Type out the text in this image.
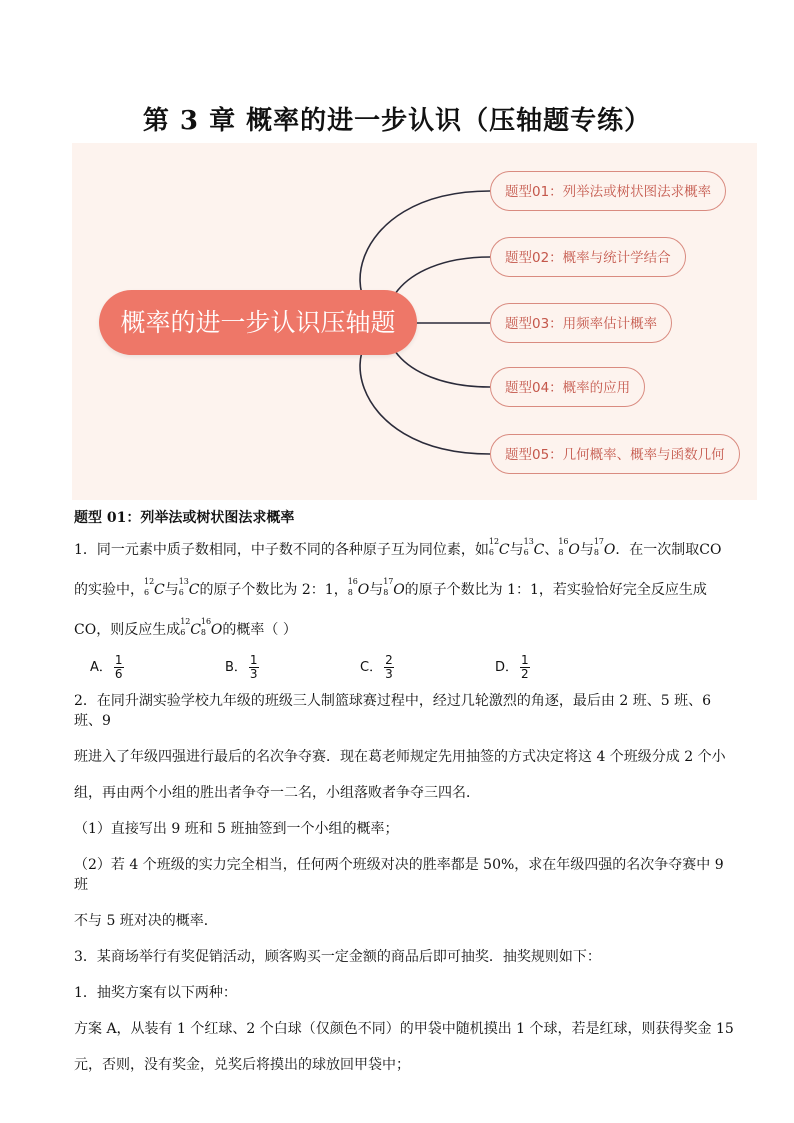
第 3 章 概率的进一步认识（压轴题专练）
概率的进一步认识压轴题
题型01：列举法或树状图法求概率
题型02：概率与统计学结合
题型03：用频率估计概率
题型04：概率的应用
题型05：几何概率、概率与函数几何

题型 01：列举法或树状图法求概率

1．同一元素中质子数相同，中子数不同的各种原子互为同位素，如
12
6 C与
13
6 C、
16
8 O与
17
8 O．在一次制取CO

的实验中，
12
6 C与
13
6 C的原子个数比为 2：1，
16
8 O与
17
8 O的原子个数比为 1：1，若实验恰好完全反应生成

CO，则反应生成
12
6 C
16
8 O的概率（ ）

A． $\frac{1}{6}$	B． $\frac{1}{3}$	C． $\frac{2}{3}$	D． $\frac{1}{2}$

2．在同升湖实验学校九年级的班级三人制篮球赛过程中，经过几轮激烈的角逐，最后由 2 班、5 班、6 班、9

班进入了年级四强进行最后的名次争夺赛．现在葛老师规定先用抽签的方式决定将这 4 个班级分成 2 个小

组，再由两个小组的胜出者争夺一二名，小组落败者争夺三四名．

（1）直接写出 9 班和 5 班抽签到一个小组的概率；

（2）若 4 个班级的实力完全相当，任何两个班级对决的胜率都是 50%，求在年级四强的名次争夺赛中 9 班

不与 5 班对决的概率．

3．某商场举行有奖促销活动，顾客购买一定金额的商品后即可抽奖．抽奖规则如下：

1．抽奖方案有以下两种：

方案 A，从装有 1 个红球、2 个白球（仅颜色不同）的甲袋中随机摸出 1 个球，若是红球，则获得奖金 15

元，否则，没有奖金，兑奖后将摸出的球放回甲袋中；
